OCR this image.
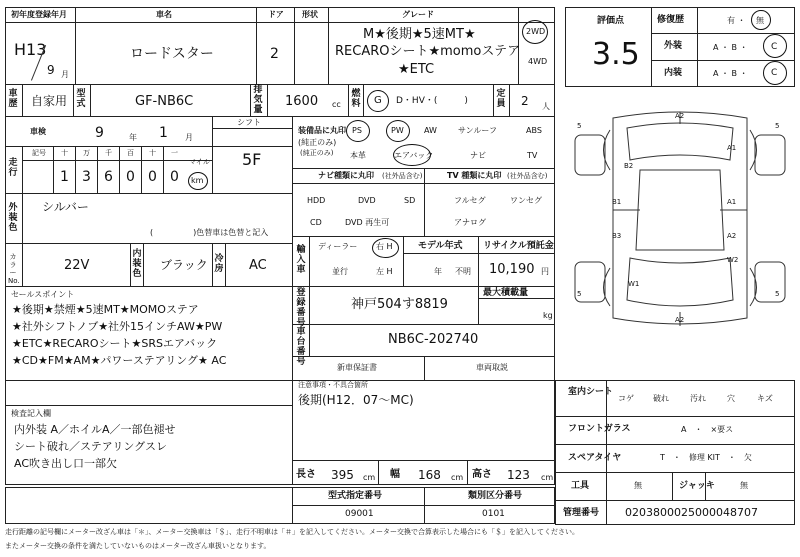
初年度登録年月
H13
9 月
車名
ロードスター
ドア
2
形状	グレード
M★後期★5速MT★
RECAROシート★momoステア
★ETC
2WD
4WD
車歴 自家用 型式	GF-NB6C
排気量
1600 cc
燃料 G D・HV・(　　　)
定員 2 人
車検	9	年 1 月
シフト
5F
走行
記号 十
1
万
3
千
6
百
0
十
0
一
0
マイル
km
外装色
シルバー
(　　　　　)色替車は色替と記入
装備品に丸印
(純正のみ)
(純正のみ)
PS	PW	AW	サンルーフ	ABS
本革	エアバック	ナビ	TV
ナビ種類に丸印 (社外品含む)
HDD	DVD	SD
CD	DVD 再生可
TV 種類に丸印 (社外品含む)
フルセグ	ワンセグ
アナログ
カラーNo.
22V
内装色
ブラック 冷房 AC
輸入車
ディーラー
並行
右 H
左 H
モデル年式
年 不明
リサイクル預託金
10,190 円
セールスポイント
★後期★禁煙★5速MT★MOMOステア
★社外シフトノブ★社外15インチAW★PW
★ETC★RECAROシート★SRSエアバック
★CD★FM★AM★パワーステアリング★ AC
登録番号
神戸504す8819
最大積載量
kg
車台番号
NB6C-202740
新車保証書	車両取説
検査記入欄
内外装 A／ホイルA／一部色褪せ
シート破れ／ステアリングスレ
AC吹き出し口一部欠
注意事項・不具合箇所
後期(H12．07～MC)
長さ 395 cm 幅 168 cm 高さ 123 cm
型式指定番号
09001
類別区分番号
0101
評価点
3.5
修復歴	有 ・ 無
外装	A ・ B ・	C
内装	A ・ B ・	C
A2
A1
B2
B1
B3
A1
A2
W2
W1
A2
5	5
5	5
室内シート
コゲ 破れ	汚れ	穴	キズ
フロントガラス	A　・　×要ス
スペアタイヤ	T　・　修理 KIT　・　欠
工具	無	ジャッキ	無
管理番号 0203800025000048707
走行距離の記号欄にメーター改ざん車は「＊」、メーター交換車は「＄」、走行不明車は「＃」を記入してください。メーター交換で合算表示した場合にも「＄」を記入してください。
またメーター交換の条件を満たしていないものはメーター改ざん車扱いとなります。
